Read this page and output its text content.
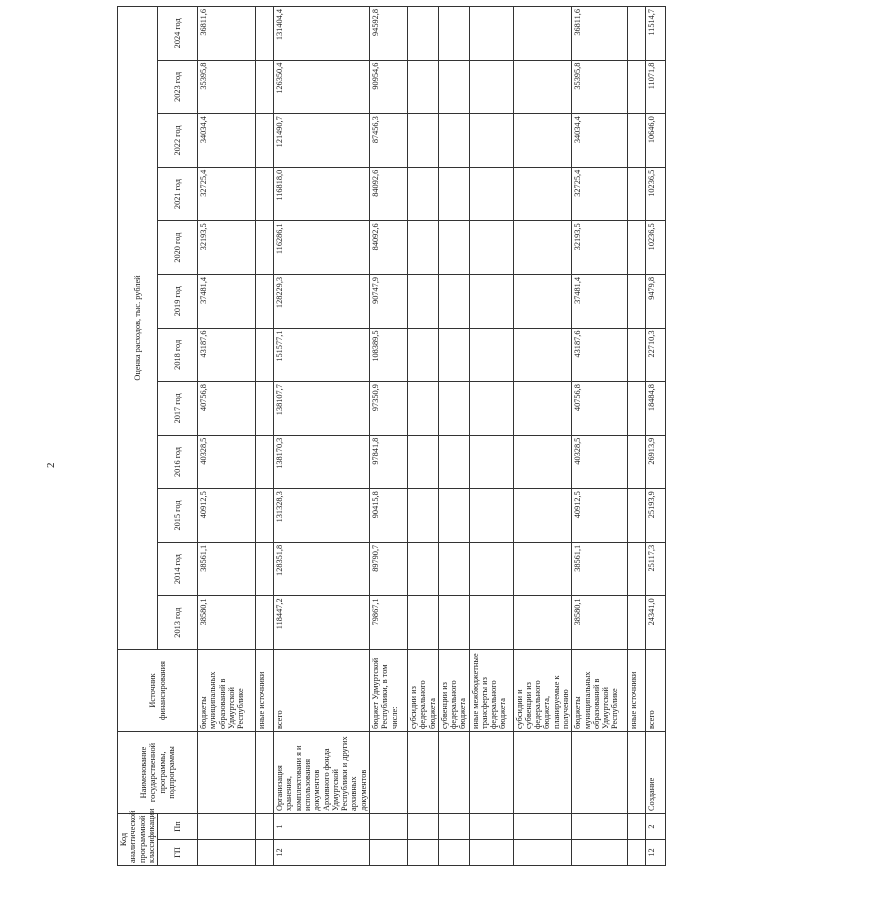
2
Код аналитической программной классификации		Наименование государственной программы, подпрограммы	Источник финансирования	Оценка расходов, тыс. рублей											
ГП	Пп			2013 год	2014 год	2015 год	2016 год	2017 год	2018 год	2019 год	2020 год	2021 год	2022 год	2023 год	2024 год
			бюджеты муниципальных образований в Удмуртской Республике	38580,1	38561,1	40912,5	40328,5	40756,8	43187,6	37481,4	32193,5	32725,4	34034,4	35395,8	36811,6
			иные источники												
12	1	Организация хранения, комплектовани я и использования документов Архивного фонда Удмуртской Республики и других архивных документов	всего	118447,2	128351,8	131328,3	138170,3	138107,7	151577,1	128229,3	116286,1	116818,0	121490,7	126350,4	131404,4
			бюджет Удмуртской Республики, в том числе:	79867,1	89790,7	90415,8	97841,8	97350,9	108389,5	90747,9	84092,6	84092,6	87456,3	90954,6	94592,8
			субсидии из федерального бюджета												
			субвенции из федерального бюджета												
			иные межбюджетные трансферты из федерального бюджета												
			субсидии и субвенции из федерального бюджета, планируемые к получению												
			бюджеты муниципальных образований в Удмуртской Республике	38580,1	38561,1	40912,5	40328,5	40756,8	43187,6	37481,4	32193,5	32725,4	34034,4	35395,8	36811,6
			иные источники												
12	2	Создание	всего	24341,0	25117,3	25193,9	26913,9	18484,8	22710,3	9479,8	10236,5	10236,5	10646,0	11071,8	11514,7
